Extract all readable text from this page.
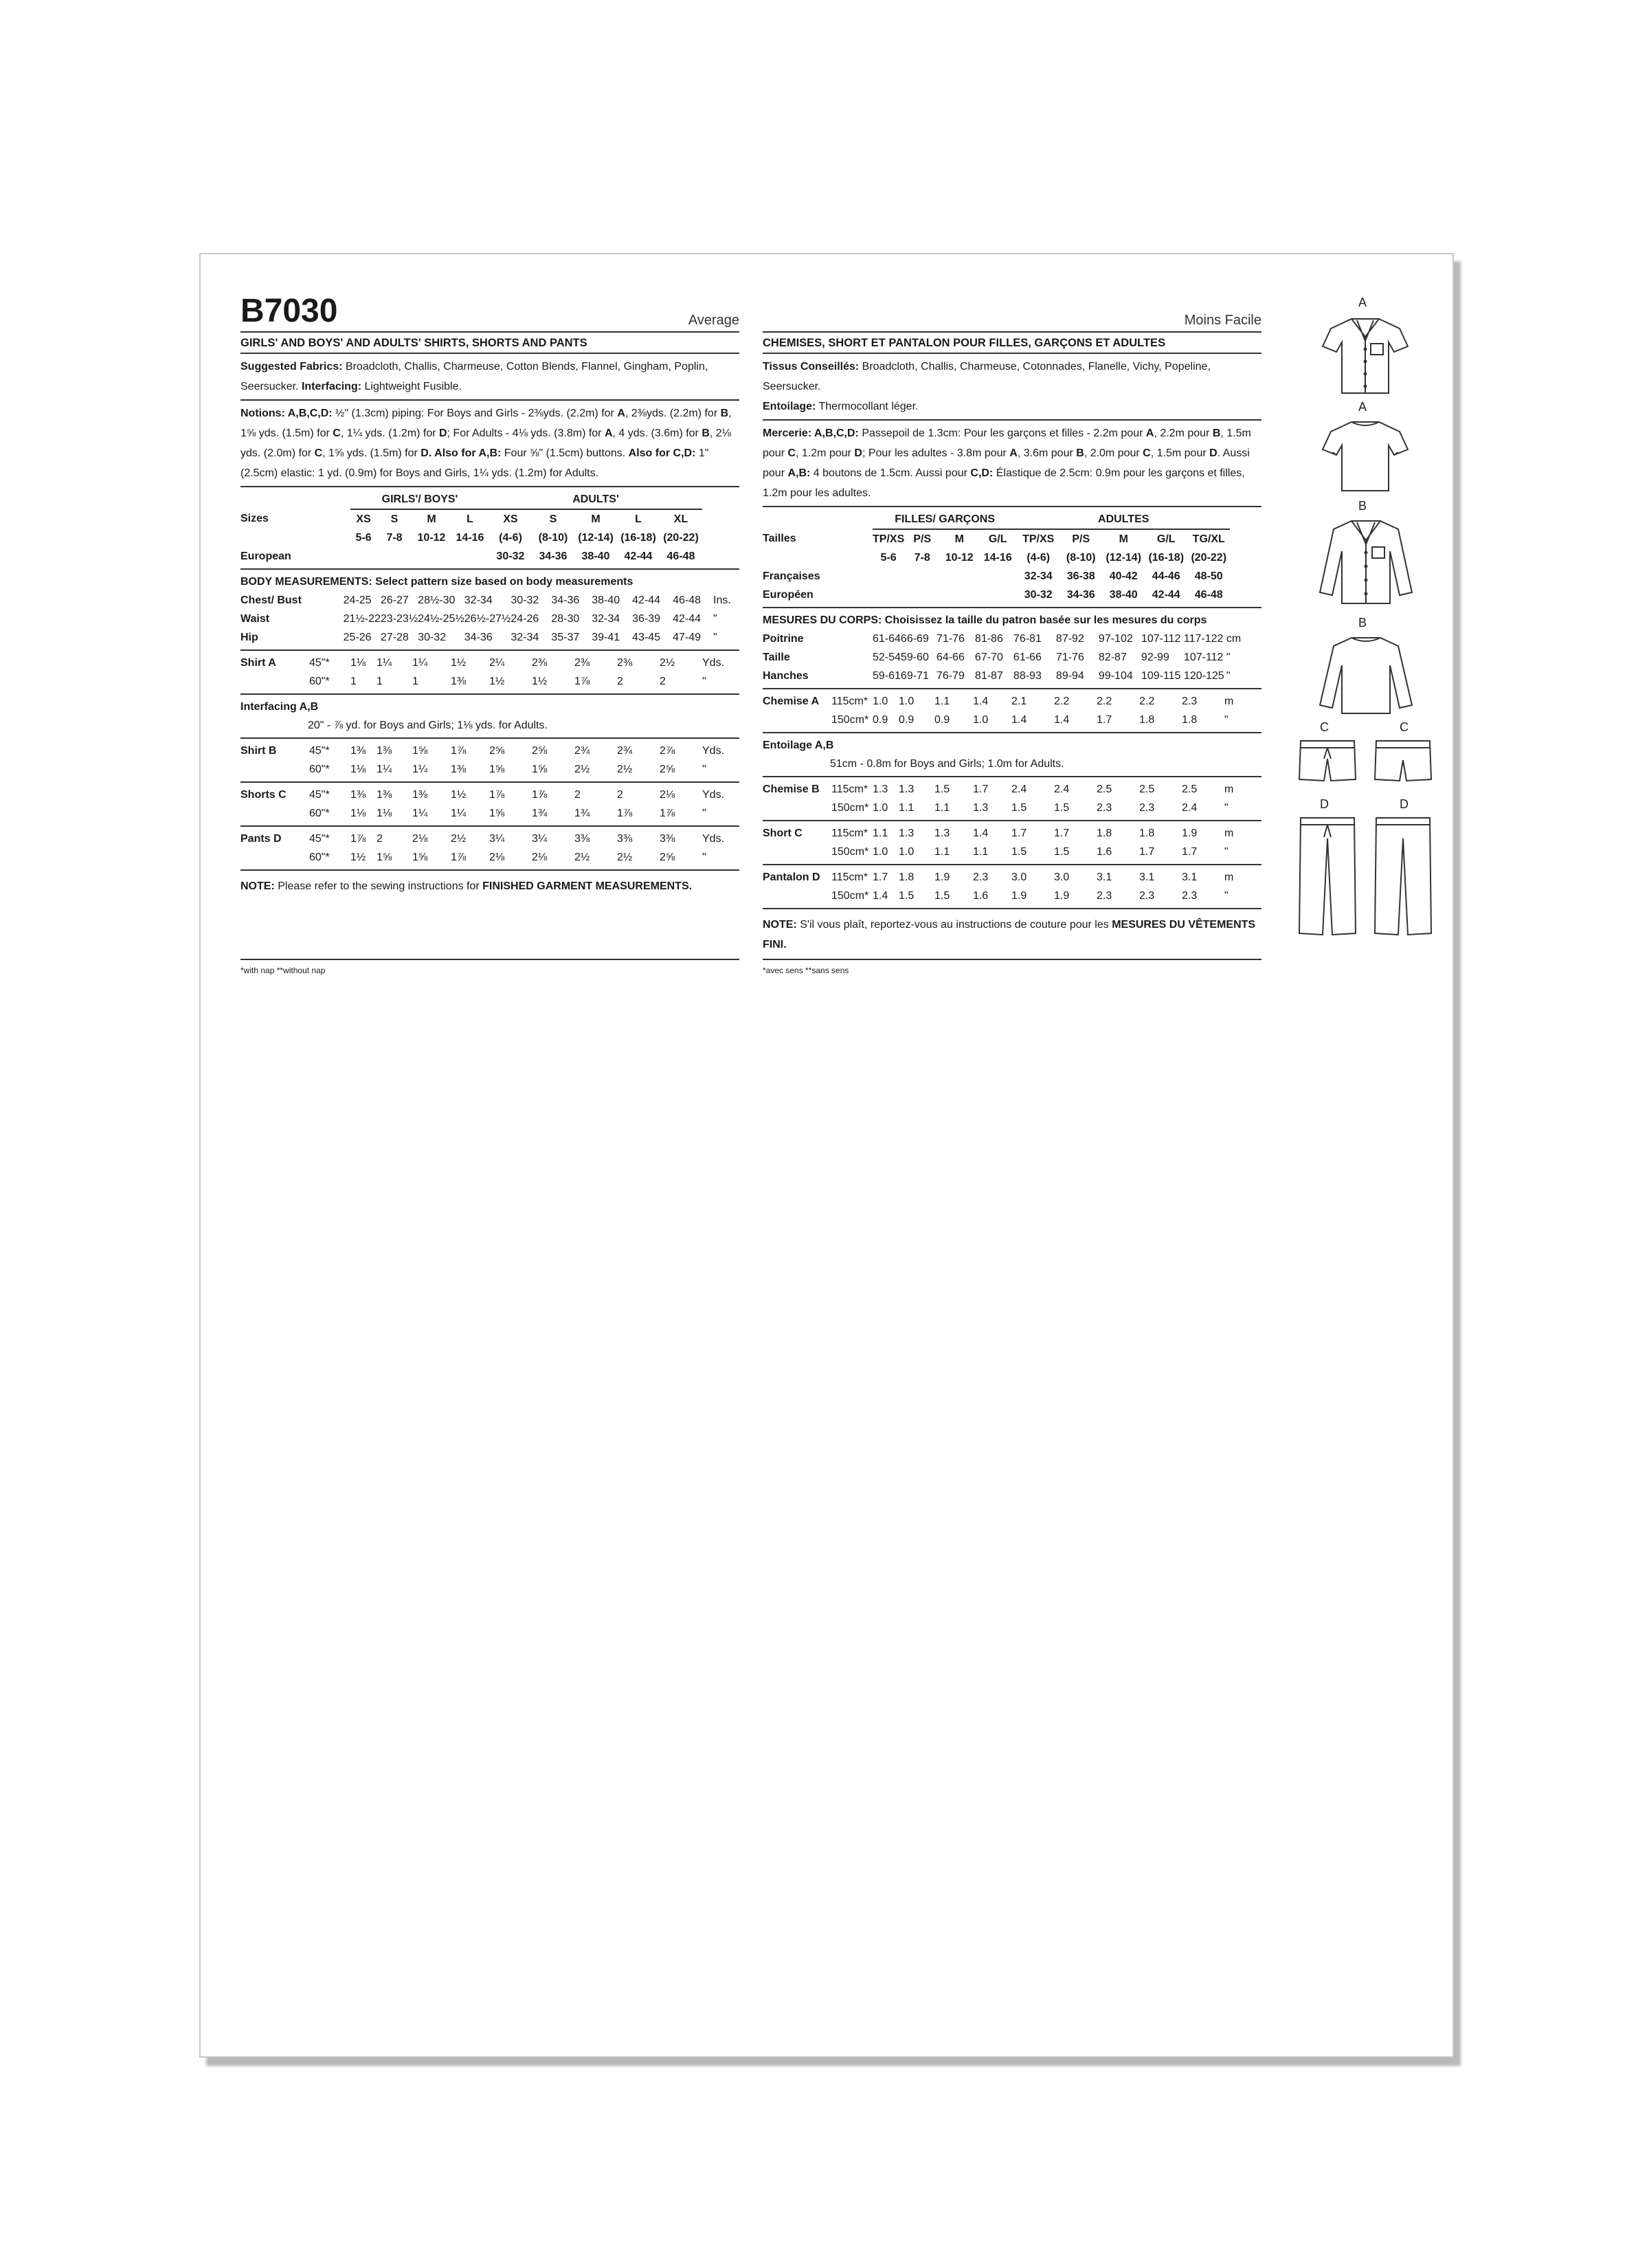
B7030	Average
GIRLS' AND BOYS' AND ADULTS' SHIRTS, SHORTS AND PANTS
Suggested Fabrics: Broadcloth, Challis, Charmeuse, Cotton Blends, Flannel, Gingham, Poplin, Seersucker. Interfacing: Lightweight Fusible.
Notions: A,B,C,D: ½" (1.3cm) piping: For Boys and Girls - 2⅜yds. (2.2m) for A, 2⅜yds. (2.2m) for B, 1⅝ yds. (1.5m) for C, 1¼ yds. (1.2m) for D; For Adults - 4⅛ yds. (3.8m) for A, 4 yds. (3.6m) for B, 2⅛ yds. (2.0m) for C, 1⅝ yds. (1.5m) for D. Also for A,B: Four ⅝" (1.5cm) buttons. Also for C,D: 1" (2.5cm) elastic: 1 yd. (0.9m) for Boys and Girls, 1¼ yds. (1.2m) for Adults.
		GIRLS'/ BOYS'				ADULTS'					
Sizes		XS	S	M	L	XS	S	M	L	XL	
		5-6	7-8	10-12	14-16	(4-6)	(8-10)	(12-14)	(16-18)	(20-22)	
European						30-32	34-36	38-40	42-44	46-48	
BODY MEASUREMENTS: Select pattern size based on body measurements
Chest/ Bust	24-25	26-27	28½-30	32-34	30-32	34-36	38-40	42-44	46-48	Ins.
Waist	21½-22	23-23½	24½-25½	26½-27½	24-26	28-30	32-34	36-39	42-44	"
Hip	25-26	27-28	30-32	34-36	32-34	35-37	39-41	43-45	47-49	"
Shirt A	45"*	1⅛	1¼	1¼	1½	2¼	2⅜	2⅜	2⅜	2½	Yds.
	60"*	1	1	1	1⅜	1½	1½	1⅞	2	2	"
Interfacing A,B
20" - ⅞ yd. for Boys and Girls; 1⅛ yds. for Adults.
Shirt B	45"*	1⅜	1⅜	1⅝	1⅞	2⅝	2⅝	2¾	2¾	2⅞	Yds.
	60"*	1⅛	1¼	1¼	1⅜	1⅝	1⅝	2½	2½	2⅝	"
Shorts C	45"*	1⅜	1⅜	1⅜	1½	1⅞	1⅞	2	2	2⅛	Yds.
	60"*	1⅛	1⅛	1¼	1¼	1⅝	1¾	1¾	1⅞	1⅞	"
Pants D	45"*	1⅞	2	2⅛	2½	3¼	3¼	3⅜	3⅜	3⅜	Yds.
	60"*	1½	1⅝	1⅝	1⅞	2⅛	2⅛	2½	2½	2⅝	"
NOTE: Please refer to the sewing instructions for FINISHED GARMENT MEASUREMENTS.
*with nap **without nap
Moins Facile
CHEMISES, SHORT ET PANTALON POUR FILLES, GARÇONS ET ADULTES
Tissus Conseillés: Broadcloth, Challis, Charmeuse, Cotonnades, Flanelle, Vichy, Popeline, Seersucker.
Entoilage: Thermocollant léger.
Mercerie: A,B,C,D: Passepoil de 1.3cm: Pour les garçons et filles - 2.2m pour A, 2.2m pour B, 1.5m pour C, 1.2m pour D; Pour les adultes - 3.8m pour A, 3.6m pour B, 2.0m pour C, 1.5m pour D. Aussi pour A,B: 4 boutons de 1.5cm. Aussi pour C,D: Élastique de 2.5cm: 0.9m pour les garçons et filles, 1.2m pour les adultes.
		FILLES/ GARÇONS				ADULTES					
Tailles		TP/XS	P/S	M	G/L	TP/XS	P/S	M	G/L	TG/XL	
		5-6	7-8	10-12	14-16	(4-6)	(8-10)	(12-14)	(16-18)	(20-22)	
Françaises						32-34	36-38	40-42	44-46	48-50	
Européen						30-32	34-36	38-40	42-44	46-48	
MESURES DU CORPS: Choisissez la taille du patron basée sur les mesures du corps
Poitrine	61-64	66-69	71-76	81-86	76-81	87-92	97-102	107-112	117-122	cm
Taille	52-54	59-60	64-66	67-70	61-66	71-76	82-87	92-99	107-112	"
Hanches	59-61	69-71	76-79	81-87	88-93	89-94	99-104	109-115	120-125	"
Chemise A	115cm*	1.0	1.0	1.1	1.4	2.1	2.2	2.2	2.2	2.3	m
	150cm*	0.9	0.9	0.9	1.0	1.4	1.4	1.7	1.8	1.8	"
Entoilage A,B
51cm - 0.8m for Boys and Girls; 1.0m for Adults.
Chemise B	115cm*	1.3	1.3	1.5	1.7	2.4	2.4	2.5	2.5	2.5	m
	150cm*	1.0	1.1	1.1	1.3	1.5	1.5	2.3	2.3	2.4	"
Short C	115cm*	1.1	1.3	1.3	1.4	1.7	1.7	1.8	1.8	1.9	m
	150cm*	1.0	1.0	1.1	1.1	1.5	1.5	1.6	1.7	1.7	"
Pantalon D	115cm*	1.7	1.8	1.9	2.3	3.0	3.0	3.1	3.1	3.1	m
	150cm*	1.4	1.5	1.5	1.6	1.9	1.9	2.3	2.3	2.3	"
NOTE: S'il vous plaît, reportez-vous au instructions de couture pour les MESURES DU VÊTEMENTS FINI.
*avec sens **sans sens
A
A
B
B
C	C
D	D
